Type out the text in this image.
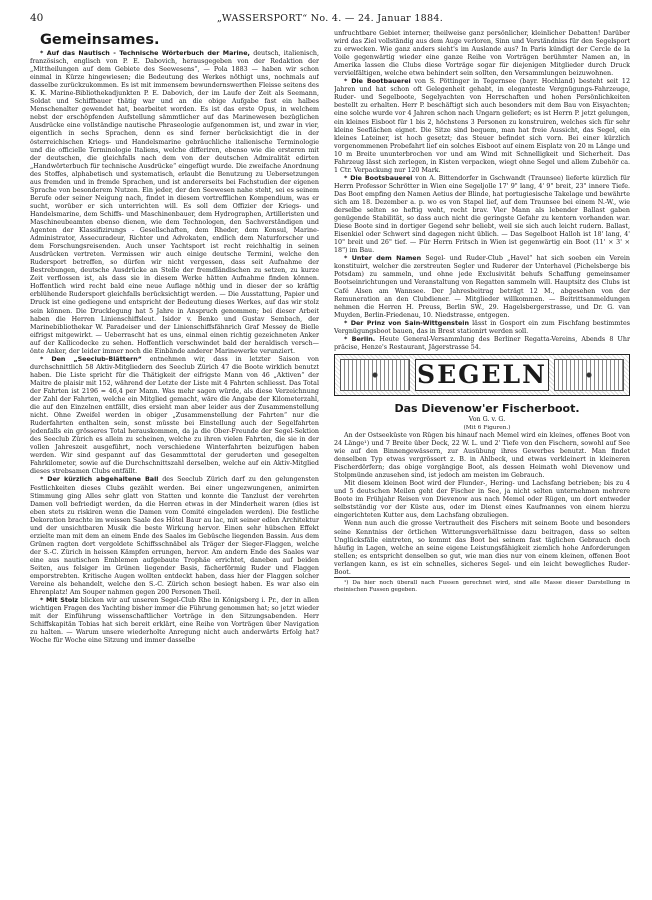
40	„WASSERSPORT“ No. 4. — 24. Januar 1884.

Gemeinsames.

* Auf das Nautisch - Technische Wörterbuch der Marine, deutsch, italienisch, französisch, englisch von P. E. Dabovich, herausgegeben von der Redaktion der „Mittheilungen auf dem Gebiete des Seewesens“, — Pola 1883 — haben wir schon einmal in Kürze hingewiesen; die Bedeutung des Werkes nöthigt uns, nochmals auf dasselbe zurückzukommen. Es ist mit immensem bewundernswerthen Fleisse seitens des K. K. Marine-Bibliothekadjunkten P. E. Dabovich, der im Laufe der Zeit als Seemann, Soldat und Schiffbauer thätig war und an die obige Aufgabe fast ein halbes Menschenalter gewendet hat, bearbeitet worden. Es ist das erste Opus, in welchem nebst der erschöpfenden Aufstellung sämmtlicher auf das Marinewesen bezüglichen Ausdrücke eine vollständige nautische Phraseologie aufgenommen ist, und zwar in vier, eigentlich in sechs Sprachen, denn es sind ferner berücksichtigt die in der österreichischen Kriegs- und Handelsmarine gebräuchliche italienische Terminologie und die officielle Terminologie Italiens, welche differiren, ebenso wie die ersteren mit der deutschen, die gleichfalls nach dem von der deutschen Admiralität edirten „Handwörterbuch für technische Ausdrücke“ eingefügt wurde. Die zweifache Anordnung des Stoffes, alphabetisch und systematisch, erlaubt die Benutzung zu Uebersetzungen aus fremden und in fremde Sprachen, und ist andererseits bei Fachstudien der eigenen Sprache von besonderem Nutzen. Ein jeder, der den Seewesen nahe steht, sei es seinem Berufe oder seiner Neigung nach, findet in diesem vortrefflichen Kompendium, was er sucht, worüber er sich unterrichten will. Es soll dem Offizier der Kriegs- und Handelsmarine, dem Schiffs- und Maschinenbauer, dem Hydrographen, Artilleristen und Maschineubeamten ebenso dienen, wie dem Technologen, den Sachverständigen und Agenten der Klassifizirungs - Gesellschaften, dem Rheder, dem Konsul, Marine-Administrator, Assecuradeur, Richter und Advokaten, endlich dem Naturforscher und dem Forschungsreisenden. Auch unser Yachtsport ist recht reichhaltig in seinen Ausdrücken vertreten. Vermissen wir auch einige deutsche Termini, welche den Rudersport betreffen, so dürfen wir nicht vergessen, dass seit Aufnahme der Bestrebungen, deutsche Ausdrücke an Stelle der fremdländischen zu setzen, zu kurze Zeit verflossen ist, als dass sie in diesem Werke hätten Aufnahme finden können. Hoffentlich wird recht bald eine neue Auflage nöthig und in dieser der so kräftig erblühende Rudersport gleichfalls berücksichtigt werden. — Die Ausstattung, Papier und Druck ist eine gediegene und entspricht der Bedeutung dieses Werkes, auf das wir stolz sein können. Die Drucklegung hat 5 Jahre in Anspruch genommen; bei dieser Arbeit haben die Herren Linienschiffsleut. Isidor v. Benko und Gustav Sembach, der Marinebibliothekar W. Paradeiser und der Linienschiffsfähnrich Graf Messey de Bielle eifrigst mitgewirkt. — Ueberrascht hat es uns, einmal einen richtig gezeichneten Anker auf der Kallicodecke zu sehen. Hoffentlich verschwindet bald der heraldisch versch—önte Anker, der leider immer noch die Einbände anderer Marinewerke verunziert.

* Den „Seeclub-Blättern“ entnehmen wir, dass in letzter Saison von durchschnittlich 58 Aktiv-Mitgliedern des Seeclub Zürich 47 die Boote wirklich benutzt haben. Die Liste spricht für die Thätigkeit der eifrigste Mann von 46 „Aktiven“ der Maitre de plaisir mit 152, während der Letzte der Liste mit 4 Fahrten schliesst. Das Total der Fahrten ist 2196 = 46,4 per Mann. Was mehr sagen würde, als diese Verzeichnung der Zahl der Fahrten, welche ein Mitglied gemacht, wäre die Angabe der Kilometerzahl, die auf den Einzelnen entfällt, dies ersieht man aber leider aus der Zusammenstellung nicht. Ohne Zweifel werden in obiger „Zusammenstellung der Fahrten“ nur die Ruderfahrten enthalten sein, sonst müsste bei Einstellung auch der Segelfahrten jedenfalls ein grösseres Total herauskommen, da ja die Ober-Freunde der Segel-Sektion des Seeclub Zürich es allein zu scheinen, welche zu ihren vielen Fahrten, die sie in der vollen Jahreszeit ausgeführt, noch verschiedene Winterfahrten beizufügen haben werden. Wir sind gespannt auf das Gesammttotal der geruderten und gesegelten Fahrkilometer, sowie auf die Durchschnittszahl derselben, welche auf ein Aktiv-Mitglied dieses strebsamen Clubs entfällt.

* Der kürzlich abgehaltene Ball des Seeclub Zürich darf zu den gelungensten Festlichkeiten dieses Clubs gezählt werden. Bei einer ungezwungenen, animirten Stimmung ging Alles sehr glatt von Statten und konnte die Tanzlust der verehrten Damen voll befriedigt werden, da die Herren etwas in der Minderheit waren (dies ist eben stets zu riskiren wenn die Damen vom Comité eingeladen werden). Die festliche Dekoration brachte im weissen Saale des Hôtel Baur au lac, mit seiner edlen Architektur und der unsichtbaren Musik die beste Wirkung hervor. Einen sehr hübschen Effekt erzielte man mit dem an einem Ende des Saales im Gebüsche liegenden Bassin. Aus dem Grünen ragten dort vergoldete Schiffsschnäbel als Träger der Sieger-Flaggen, welche der S.-C. Zürich in heissen Kämpfen errungen, hervor. Am andern Ende des Saales war eine aus nautischen Emblemen aufgebaute Trophäe errichtet, daneben auf beiden Seiten, aus felsiger im Grünen liegender Basis, fächerförmig Ruder und Flaggen emporstrebten. Kritische Augen wollten entdeckt haben, dass hier der Flaggen solcher Vereine als behandelt, welche den S.-C. Zürich schon besiegt haben. Es war also ein Ehrenplatz! Am Souper nahmen gegen 200 Personen Theil.

* Mit Stolz blicken wir auf unseren Segel-Club Rhe in Königsberg i. Pr., der in allen wichtigen Fragen des Yachting bisher immer die Führung genommen hat; so jetzt wieder mit der Einführung wissenschaftlicher Vorträge in den Sitzungsabenden. Herr Schiffskapitän Tobias hat sich bereit erklärt, eine Reihe von Vorträgen über Navigation zu halten. — Warum unsere wiederholte Anregung nicht auch anderwärts Erfolg hat? Woche für Woche eine Sitzung und immer dasselbe

unfruchtbare Gebiet interner, theilweise ganz persönlicher, kleinlicher Debatten! Darüber wird das Ziel vollständig aus dem Auge verloren, Sinn und Verständniss für den Segelsport zu erwecken. Wie ganz anders sieht's im Auslande aus? In Paris kündigt der Cercle de la Voile gegenwärtig wieder eine ganze Reihe von Vorträgen berühmter Namen an, in Amerika lassen die Clubs diese Vorträge sogar für diejenigen Mitglieder durch Druck vervielfältigen, welche etwa behindert sein sollten, den Versammlungen beizuwohnen.

* Die Bootbauerei von S. Pöttinger in Tegernsee (bayr. Hochland) besteht seit 12 Jahren und hat schon oft Gelegenheit gehabt, in eleganteste Vergnügungs-Fahrzeuge, Ruder- und Segelboote, Segelyachten von Herrschaften und hohen Persönlichkeiten bestellt zu erhalten. Herr P. beschäftigt sich auch besonders mit dem Bau von Eisyachten; eine solche wurde vor 4 Jahren schon nach Ungarn geliefert; es ist Herrn P. jetzt gelungen, ein kleines Eisboot für 1 bis 2, höchstens 3 Personen zu konstruiren, welches sich für sehr kleine Seeflächen eignet. Die Sitze sind bequem, man hat freie Aussicht, das Segel, ein kleines Lateiner, ist hoch gesetzt; das Steuer befindet sich vorn. Bei einer kürzlich vorgenommenen Probefahrt lief ein solches Eisboot auf einem Eisplatz von 20 m Länge und 10 m Breite ununterbrochen vor und am Wind mit Schnelligkeit und Sicherheit. Das Fahrzeug lässt sich zerlegen, in Kisten verpacken, wiegt ohne Segel und allem Zubehör ca. 1 Ctr. Verpackung nur 120 Mark.

* Die Bootsbauerei von A. Bittendorfer in Gschwandt (Traunsee) lieferte kürzlich für Herrn Professor Schrötter in Wien eine Segeljolle 17' 9" lang, 4' 9" breit, 23" innere Tiefe. Das Boot empfing den Namen Aetius der Blinde, hat portugiesische Takelage und bewährte sich am 18. Dezember a. p. wo es von Stapel lief, auf dem Traunsee bei einem N.-W., wie derselbe selten so heftig weht, recht brav. Vier Mann als lebender Ballast gaben genügende Stabilität, so dass auch nicht die geringste Gefahr zu kentern vorhanden war. Diese Boote sind in dortiger Gegend sehr beliebt, weil sie sich auch leicht rudern. Ballast, Eisenkiel oder Schwert sind dagegen nicht üblich. — Das Segelboot Halloh ist 18' lang, 4' 10" breit und 26" tief. — Für Herrn Fritsch in Wien ist gegenwärtig ein Boot (11' × 3' × 18") im Bau.

* Unter dem Namen Segel- und Ruder-Club „Havel“ hat sich soeben ein Verein konstituirt, welcher die zerstreuten Segler und Ruderer der Unterhavel (Pichelsberge bis Potsdam) zu sammeln, und ohne jede Exclusivität behufs Schaffung gemeinsamer Bootseinrichtungen und Veranstaltung von Regatten sammeln will. Hauptsitz des Clubs ist Café Alsen am Wannsee. Der Jahresbeitrag beträgt 12 M., abgesehen von der Remuneration an den Clubdiener. — Mitglieder willkommen. — Beitrittsanmeldungen nehmen die Herren H. Preuss, Berlin SW., 29. Hagelsbergerstrasse, und Dr. G. van Muyden, Berlin-Friedenau, 10. Niedstrasse, entgegen.

* Der Prinz von Sain-Wittgenstein lässt in Gosport ein zum Fischfang bestimmtes Vergnügungsboot bauen, das in Brest stationirt werden soll.

* Berlin. Heute General-Versammlung des Berliner Regatta-Vereins, Abends 8 Uhr präcise, Henze's Restaurant, Jägerstrasse 54.

SEGELN

Das Dievenow'er Fischerboot.

Von G. v. G.

(Mit 6 Figuren.)

An der Ostseeküste von Rügen bis hinauf nach Memel wird ein kleines, offenes Boot von 24 Länge¹) und 7 Breite über Deck, 22 W. L. und 2' Tiefe von den Fischern, sowohl auf See wie auf den Binnengewässern, zur Ausübung ihres Gewerbes benutzt. Man findet denselben Typ etwas vergrössert z. B. in Ahlbeck, und etwas verkleinert in kleineren Fischerdörfern; das obige vorgängige Boot, als dessen Heimath wohl Dievenow und Stolpmünde anzusehen sind, ist jedoch am meisten im Gebrauch.

Mit diesem kleinen Boot wird der Flunder-, Hering- und Lachsfang betrieben; bis zu 4 und 5 deutschen Meilen geht der Fischer in See, ja nicht selten unternehmen mehrere Boote im Frühjahr Reisen von Dievenow aus nach Memel oder Rügen, um dort entweder selbstständig vor der Küste aus, oder im Dienst eines Kaufmannes von einem hierzu eingerichteten Kutter aus, dem Lachsfang obzuliegen.

Wenn nun auch die grosse Vertrautheit des Fischers mit seinem Boote und besonders seine Kenntniss der örtlichen Witterungsverhältnisse dazu beitragen, dass so selten Unglücksfälle eintreten, so kommt das Boot bei seinem fast täglichen Gebrauch doch häufig in Lagen, welche an seine eigene Leistungsfähigkeit ziemlich hohe Anforderungen stellen; es entspricht denselben so gut, wie man dies nur von einem kleinen, offenen Boot verlangen kann, es ist ein schnelles, sicheres Segel- und ein leicht bewegliches Ruder-Boot.

¹) Da hier noch überall nach Fussen gerechnet wird, sind alle Masse dieser Darstellung in rheinischen Fussen gegeben.
